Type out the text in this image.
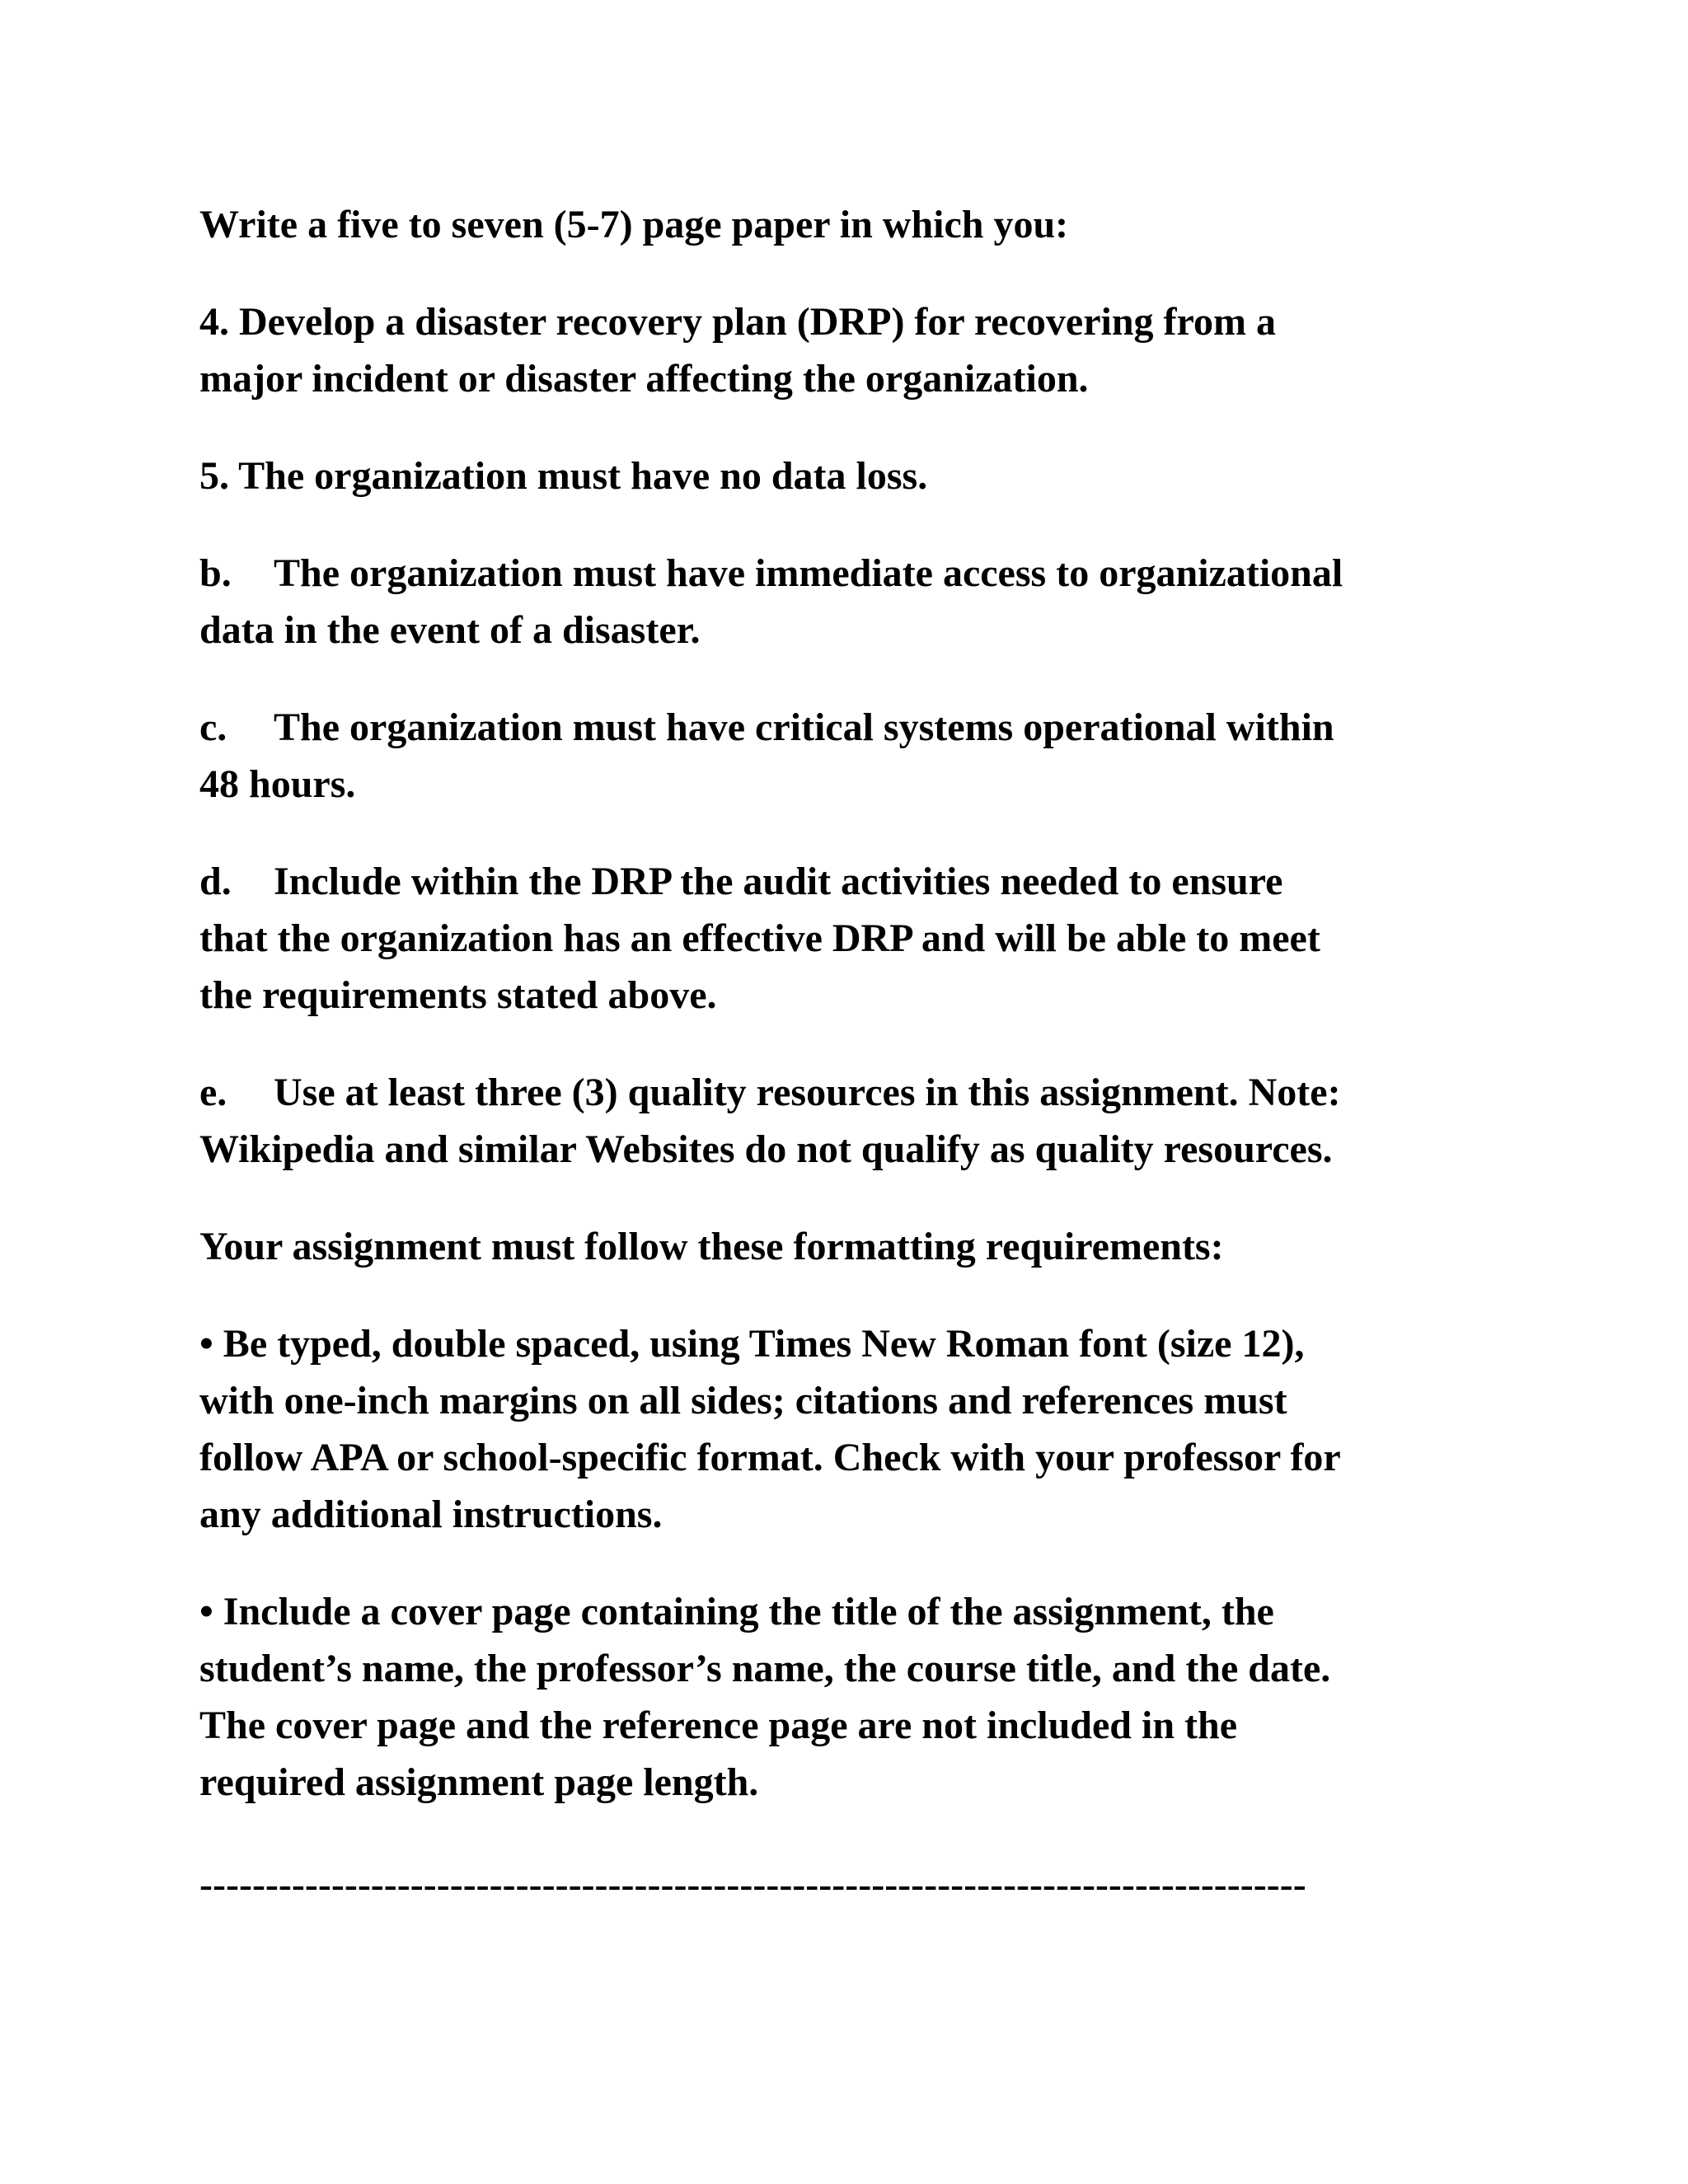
Write a five to seven (5-7) page paper in which you:

4. Develop a disaster recovery plan (DRP) for recovering from a
major incident or disaster affecting the organization.

5. The organization must have no data loss.

b. The organization must have immediate access to organizational
data in the event of a disaster.

c. The organization must have critical systems operational within
48 hours.

d. Include within the DRP the audit activities needed to ensure
that the organization has an effective DRP and will be able to meet
the requirements stated above.

e. Use at least three (3) quality resources in this assignment. Note:
Wikipedia and similar Websites do not qualify as quality resources.

Your assignment must follow these formatting requirements:

• Be typed, double spaced, using Times New Roman font (size 12),
with one-inch margins on all sides; citations and references must
follow APA or school-specific format. Check with your professor for
any additional instructions.

• Include a cover page containing the title of the assignment, the
student’s name, the professor’s name, the course title, and the date.
The cover page and the reference page are not included in the
required assignment page length.

------------------------------------------------------------------------------------
